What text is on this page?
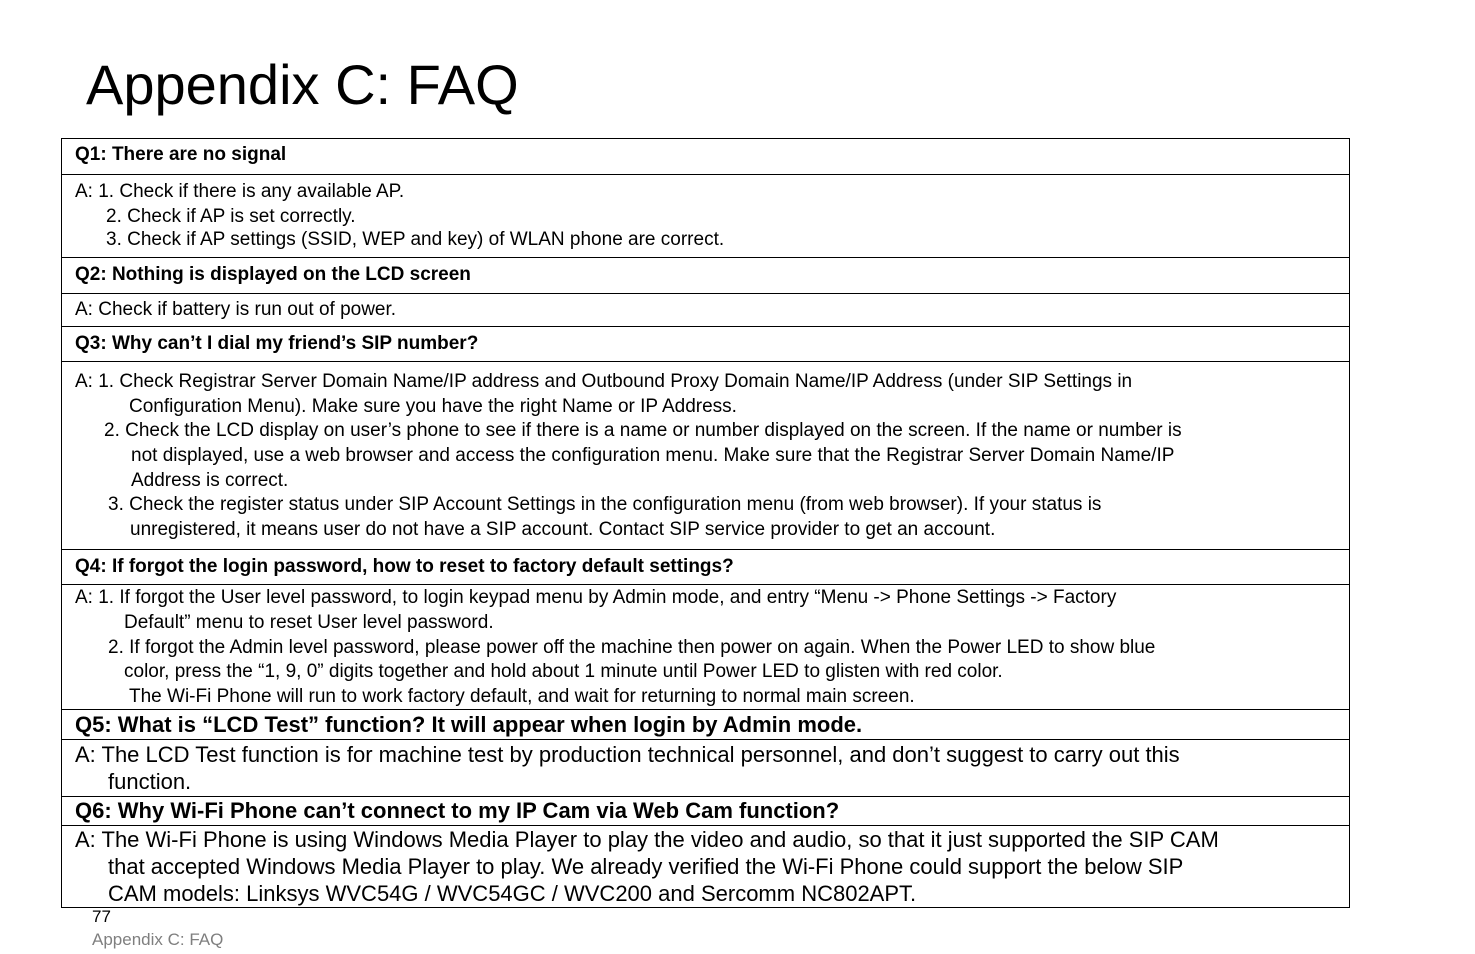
Appendix C: FAQ
Q1: There are no signal
A: 1. Check if there is any available AP.
2. Check if AP is set correctly.
3. Check if AP settings (SSID, WEP and key) of WLAN phone are correct.
Q2: Nothing is displayed on the LCD screen
A: Check if battery is run out of power.
Q3: Why can’t I dial my friend’s SIP number?
A: 1. Check Registrar Server Domain Name/IP address and Outbound Proxy Domain Name/IP Address (under SIP Settings in
Configuration Menu). Make sure you have the right Name or IP Address.
2. Check the LCD display on user’s phone to see if there is a name or number displayed on the screen. If the name or number is
not displayed, use a web browser and access the configuration menu. Make sure that the Registrar Server Domain Name/IP
Address is correct.
3. Check the register status under SIP Account Settings in the configuration menu (from web browser). If your status is
unregistered, it means user do not have a SIP account. Contact SIP service provider to get an account.
Q4: If forgot the login password, how to reset to factory default settings?
A: 1. If forgot the User level password, to login keypad menu by Admin mode, and entry “Menu -> Phone Settings -> Factory
Default” menu to reset User level password.
2. If forgot the Admin level password, please power off the machine then power on again. When the Power LED to show blue
color, press the “1, 9, 0” digits together and hold about 1 minute until Power LED to glisten with red color.
The Wi-Fi Phone will run to work factory default, and wait for returning to normal main screen.
Q5: What is “LCD Test” function? It will appear when login by Admin mode.
A: The LCD Test function is for machine test by production technical personnel, and don’t suggest to carry out this
function.
Q6: Why Wi-Fi Phone can’t connect to my IP Cam via Web Cam function?
A: The Wi-Fi Phone is using Windows Media Player to play the video and audio, so that it just supported the SIP CAM
that accepted Windows Media Player to play. We already verified the Wi-Fi Phone could support the below SIP
CAM models: Linksys WVC54G / WVC54GC / WVC200 and Sercomm NC802APT.
77
Appendix C: FAQ
